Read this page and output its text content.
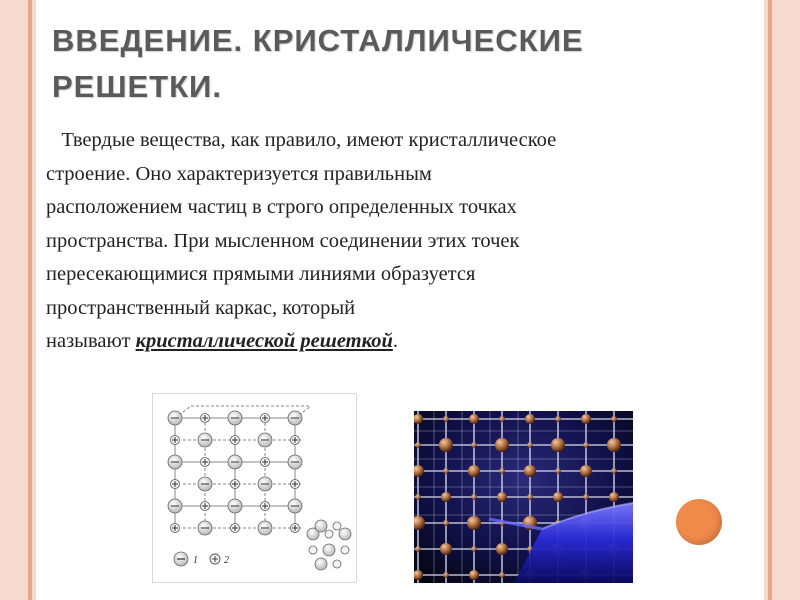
ВВЕДЕНИЕ. КРИСТАЛЛИЧЕСКИЕ
РЕШЕТКИ.
Твердые вещества, как правило, имеют кристаллическое
строение. Оно характеризуется правильным
расположением частиц в строго определенных точках
пространства. При мысленном соединении этих точек
пересекающимися прямыми линиями образуется
пространственный каркас, который
называют кристаллической решеткой.
1	2
